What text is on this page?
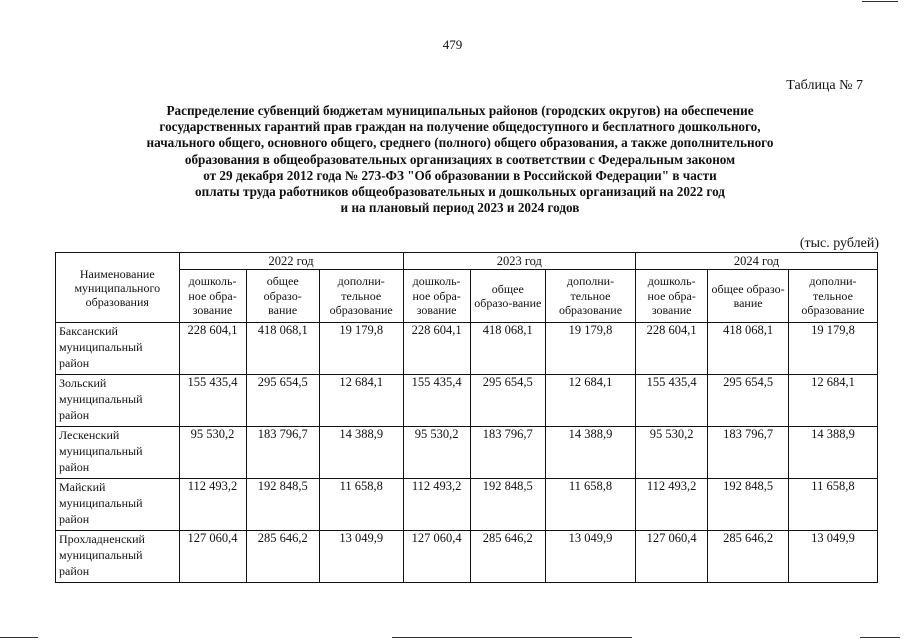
479
Таблица № 7
Распределение субвенций бюджетам муниципальных районов (городских округов) на обеспечение
государственных гарантий прав граждан на получение общедоступного и бесплатного дошкольного,
начального общего, основного общего, среднего (полного) общего образования, а также дополнительного
образования в общеобразовательных организациях в соответствии с Федеральным законом
от 29 декабря 2012 года № 273-ФЗ "Об образовании в Российской Федерации" в части
оплаты труда работников общеобразовательных и дошкольных организаций на 2022 год
и на плановый период 2023 и 2024 годов
(тыс. рублей)
Наименование муниципального образования	2022 год			2023 год			2024 год		
	дошколь-ное обра-зование	общее образо-вание	дополни-тельное образование	дошколь-ное обра-зование	общее образо-вание	дополни-тельное образование	дошколь-ное обра-зование	общее образо-вание	дополни-тельное образование
Баксанский муниципальный район	228 604,1	418 068,1	19 179,8	228 604,1	418 068,1	19 179,8	228 604,1	418 068,1	19 179,8
Зольский муниципальный район	155 435,4	295 654,5	12 684,1	155 435,4	295 654,5	12 684,1	155 435,4	295 654,5	12 684,1
Лескенский муниципальный район	95 530,2	183 796,7	14 388,9	95 530,2	183 796,7	14 388,9	95 530,2	183 796,7	14 388,9
Майский муниципальный район	112 493,2	192 848,5	11 658,8	112 493,2	192 848,5	11 658,8	112 493,2	192 848,5	11 658,8
Прохладненский муниципальный район	127 060,4	285 646,2	13 049,9	127 060,4	285 646,2	13 049,9	127 060,4	285 646,2	13 049,9
